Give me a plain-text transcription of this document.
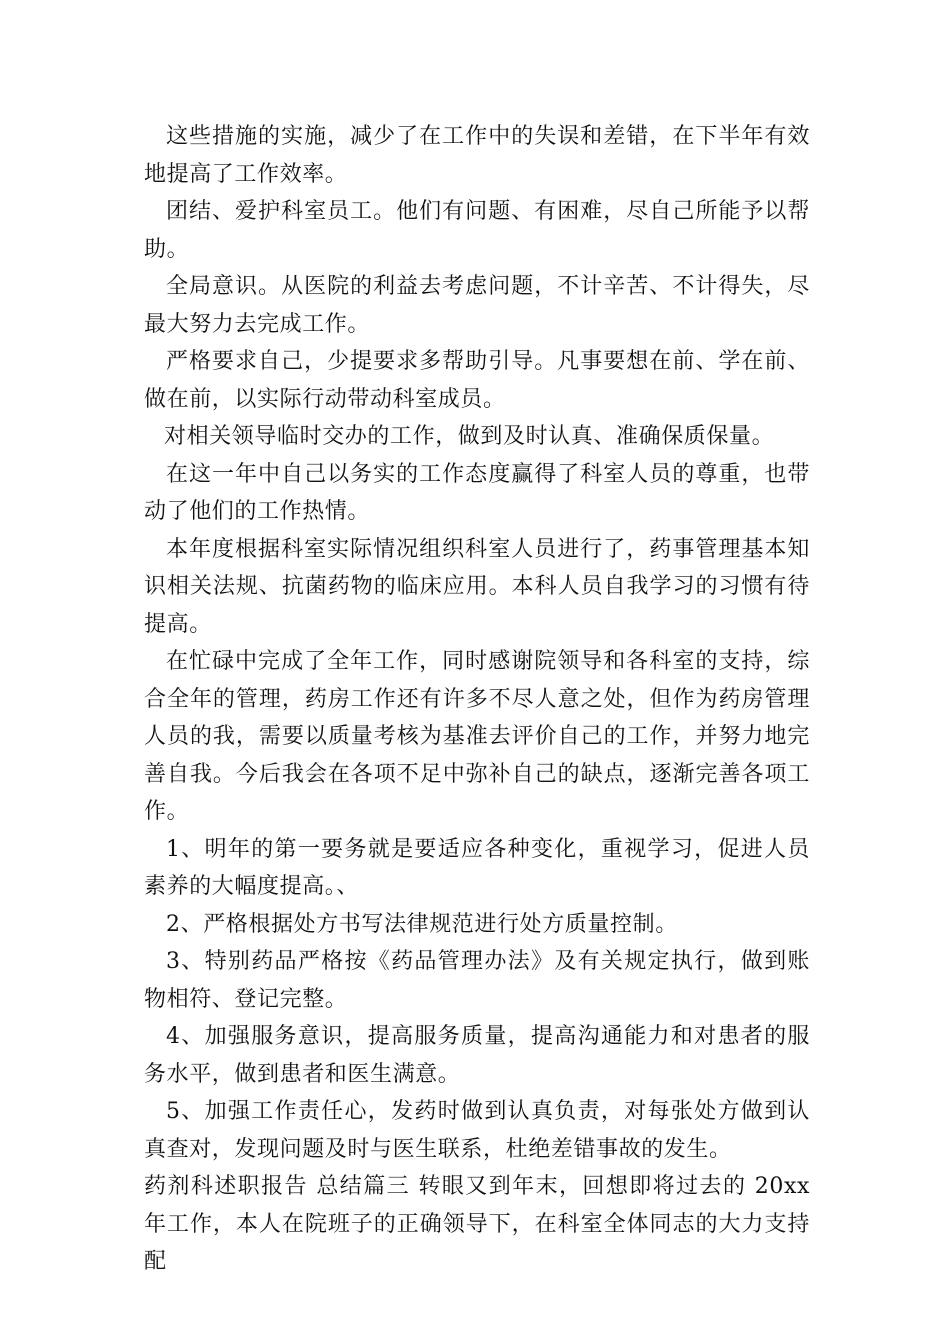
这些措施的实施，减少了在工作中的失误和差错，在下半年有效地提高了工作效率。

团结、爱护科室员工。他们有问题、有困难，尽自己所能予以帮助。

全局意识。从医院的利益去考虑问题，不计辛苦、不计得失，尽最大努力去完成工作。

严格要求自己，少提要求多帮助引导。凡事要想在前、学在前、做在前，以实际行动带动科室成员。

对相关领导临时交办的工作，做到及时认真、准确保质保量。

在这一年中自己以务实的工作态度赢得了科室人员的尊重，也带动了他们的工作热情。

本年度根据科室实际情况组织科室人员进行了，药事管理基本知识相关法规、抗菌药物的临床应用。本科人员自我学习的习惯有待提高。

在忙碌中完成了全年工作，同时感谢院领导和各科室的支持，综合全年的管理，药房工作还有许多不尽人意之处，但作为药房管理人员的我，需要以质量考核为基准去评价自己的工作，并努力地完善自我。今后我会在各项不足中弥补自己的缺点，逐渐完善各项工作。

1、明年的第一要务就是要适应各种变化，重视学习，促进人员素养的大幅度提高。、

2、严格根据处方书写法律规范进行处方质量控制。

3、特别药品严格按《药品管理办法》及有关规定执行，做到账物相符、登记完整。

4、加强服务意识，提高服务质量，提高沟通能力和对患者的服务水平，做到患者和医生满意。

5、加强工作责任心，发药时做到认真负责，对每张处方做到认真查对，发现问题及时与医生联系，杜绝差错事故的发生。

药剂科述职报告 总结篇三 转眼又到年末，回想即将过去的 20xx 年工作，本人在院班子的正确领导下，在科室全体同志的大力支持配
